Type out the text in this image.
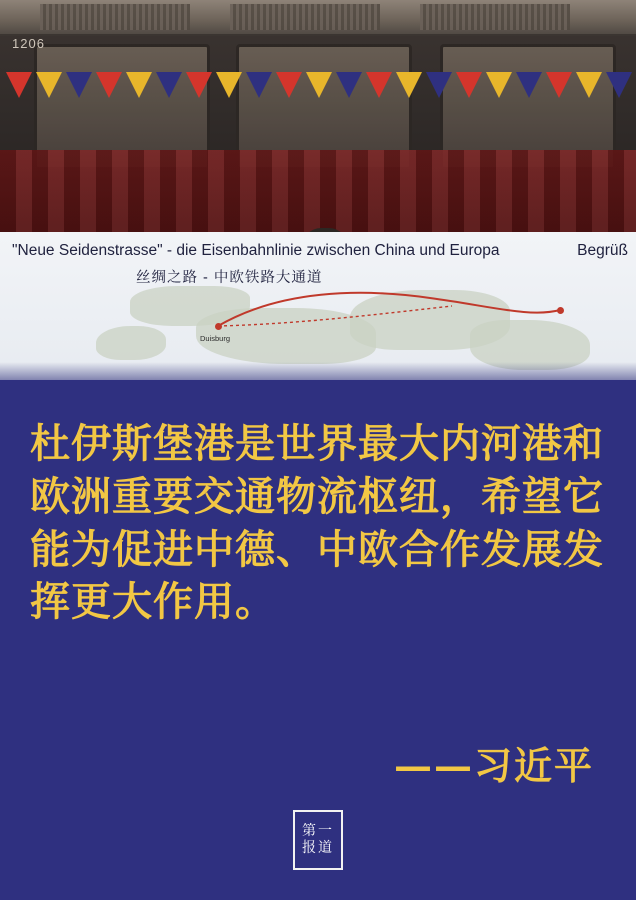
1206
"Neue Seidenstrasse" - die Eisenbahnlinie zwischen China und Europa
丝绸之路 - 中欧铁路大通道
Begrüß
Duisburg
杜伊斯堡港是世界最大内河港和欧洲重要交通物流枢纽，希望它能为促进中德、中欧合作发展发挥更大作用。
——习近平
第一
报道
